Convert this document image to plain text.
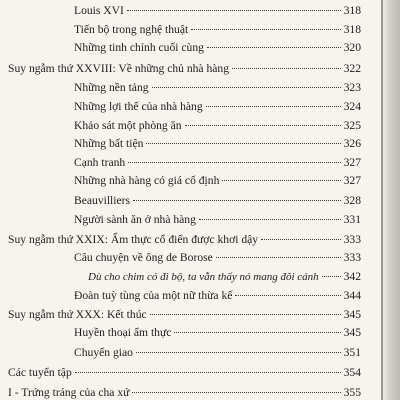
Louis XVI	318
Tiến bộ trong nghệ thuật	318
Những tinh chỉnh cuối cùng	320
Suy ngẫm thứ XXVIII: Về những chủ nhà hàng	322
Những nền tảng	323
Những lợi thế của nhà hàng	324
Khảo sát một phòng ăn	325
Những bất tiện	326
Cạnh tranh	327
Những nhà hàng có giá cố định	327
Beauvilliers	328
Người sành ăn ở nhà hàng	331
Suy ngẫm thứ XXIX: Ẩm thực cổ điển được khơi dậy	333
Câu chuyện về ông de Borose	333
Dù cho chim có đi bộ, ta vẫn thấy nó mang đôi cánh 342
Đoàn tuỳ tùng của một nữ thừa kế	344
Suy ngẫm thứ XXX: Kết thúc	345
Huyền thoại ẩm thực	345
Chuyển giao	351
Các tuyển tập	354
I - Trứng tráng của cha xứ	355
